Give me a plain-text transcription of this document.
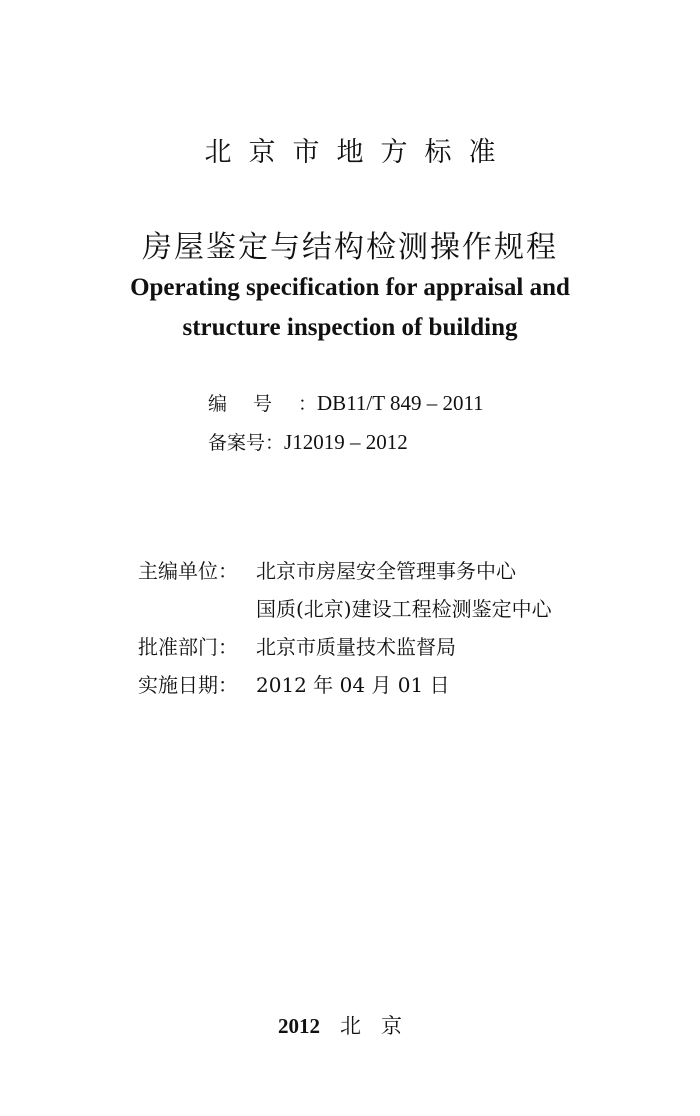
北京市地方标准
房屋鉴定与结构检测操作规程
Operating specification for appraisal and
structure inspection of building
编号：DB11/T 849 – 2011
备案号：J12019 – 2012
主编单位： 北京市房屋安全管理事务中心
国质(北京)建设工程检测鉴定中心
批准部门： 北京市质量技术监督局
实施日期： 2012 年 04 月 01 日
2012 北京
